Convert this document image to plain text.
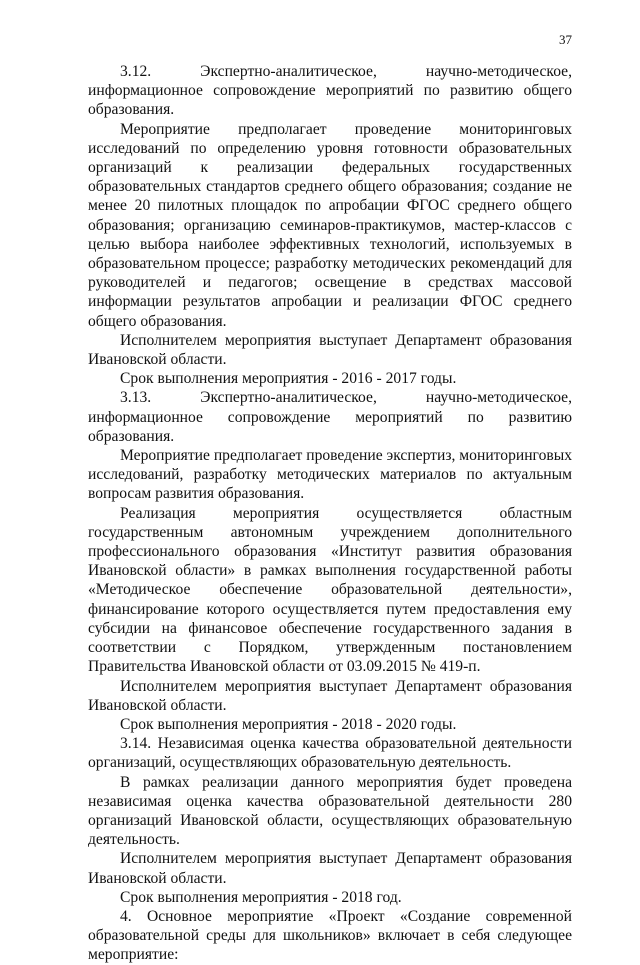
37

3.12. Экспертно-аналитическое, научно-методическое, информационное сопровождение мероприятий по развитию общего образования.

Мероприятие предполагает проведение мониторинговых исследований по определению уровня готовности образовательных организаций к реализации федеральных государственных образовательных стандартов среднего общего образования; создание не менее 20 пилотных площадок по апробации ФГОС среднего общего образования; организацию семинаров-практикумов, мастер-классов с целью выбора наиболее эффективных технологий, используемых в образовательном процессе; разработку методических рекомендаций для руководителей и педагогов; освещение в средствах массовой информации результатов апробации и реализации ФГОС среднего общего образования.

Исполнителем мероприятия выступает Департамент образования Ивановской области.

Срок выполнения мероприятия - 2016 - 2017 годы.

3.13. Экспертно-аналитическое, научно-методическое, информационное сопровождение мероприятий по развитию образования.

Мероприятие предполагает проведение экспертиз, мониторинговых исследований, разработку методических материалов по актуальным вопросам развития образования.

Реализация мероприятия осуществляется областным государственным автономным учреждением дополнительного профессионального образования «Институт развития образования Ивановской области» в рамках выполнения государственной работы «Методическое обеспечение образовательной деятельности», финансирование которого осуществляется путем предоставления ему субсидии на финансовое обеспечение государственного задания в соответствии с Порядком, утвержденным постановлением Правительства Ивановской области от 03.09.2015 № 419-п.

Исполнителем мероприятия выступает Департамент образования Ивановской области.

Срок выполнения мероприятия - 2018 - 2020 годы.

3.14. Независимая оценка качества образовательной деятельности организаций, осуществляющих образовательную деятельность.

В рамках реализации данного мероприятия будет проведена независимая оценка качества образовательной деятельности 280 организаций Ивановской области, осуществляющих образовательную деятельность.

Исполнителем мероприятия выступает Департамент образования Ивановской области.

Срок выполнения мероприятия - 2018 год.

4. Основное мероприятие «Проект «Создание современной образовательной среды для школьников» включает в себя следующее мероприятие:
